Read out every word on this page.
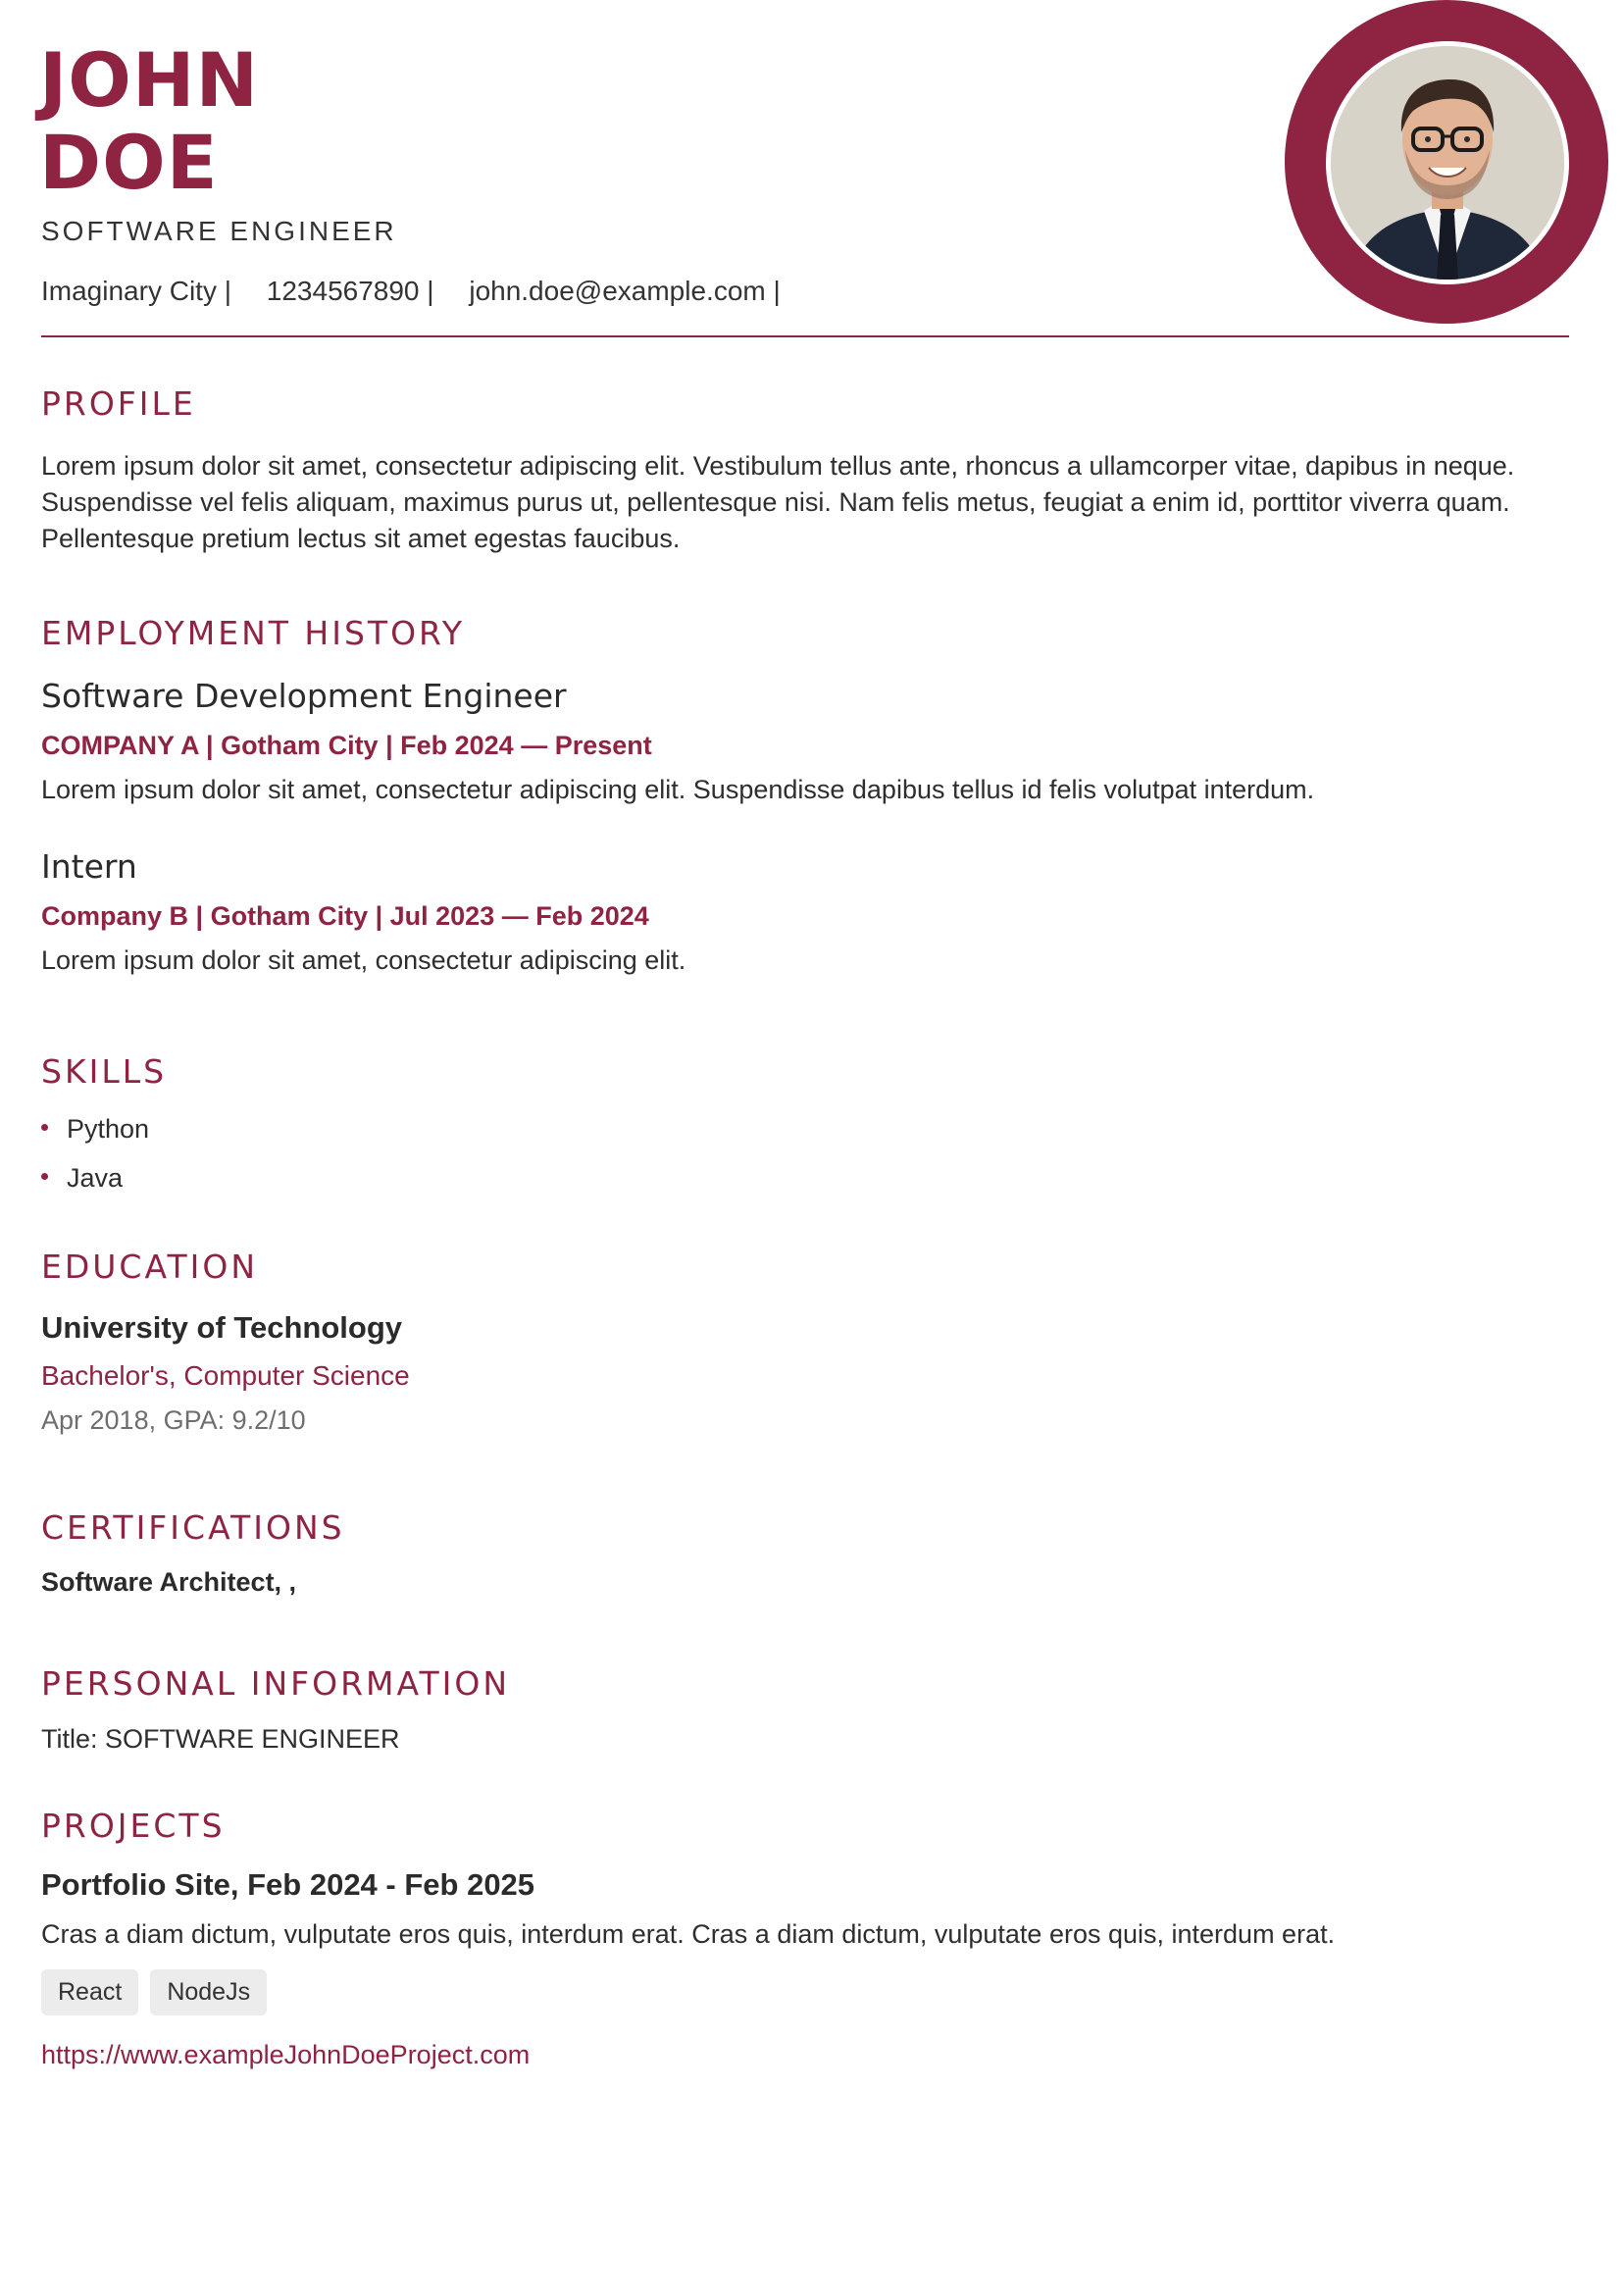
JOHN
DOE
SOFTWARE ENGINEER
Imaginary City | 1234567890 | john.doe@example.com |
PROFILE

Lorem ipsum dolor sit amet, consectetur adipiscing elit. Vestibulum tellus ante, rhoncus a ullamcorper vitae, dapibus in neque. Suspendisse vel felis aliquam, maximus purus ut, pellentesque nisi. Nam felis metus, feugiat a enim id, porttitor viverra quam. Pellentesque pretium lectus sit amet egestas faucibus.

EMPLOYMENT HISTORY
Software Development Engineer
COMPANY A | Gotham City | Feb 2024 — Present
Lorem ipsum dolor sit amet, consectetur adipiscing elit. Suspendisse dapibus tellus id felis volutpat interdum.
Intern
Company B | Gotham City | Jul 2023 — Feb 2024
Lorem ipsum dolor sit amet, consectetur adipiscing elit.
SKILLS
Python
Java
EDUCATION
University of Technology
Bachelor's, Computer Science
Apr 2018, GPA: 9.2/10
CERTIFICATIONS
Software Architect, ,
PERSONAL INFORMATION
Title: SOFTWARE ENGINEER
PROJECTS
Portfolio Site, Feb 2024 - Feb 2025
Cras a diam dictum, vulputate eros quis, interdum erat. Cras a diam dictum, vulputate eros quis, interdum erat.
React	NodeJs
https://www.exampleJohnDoeProject.com
